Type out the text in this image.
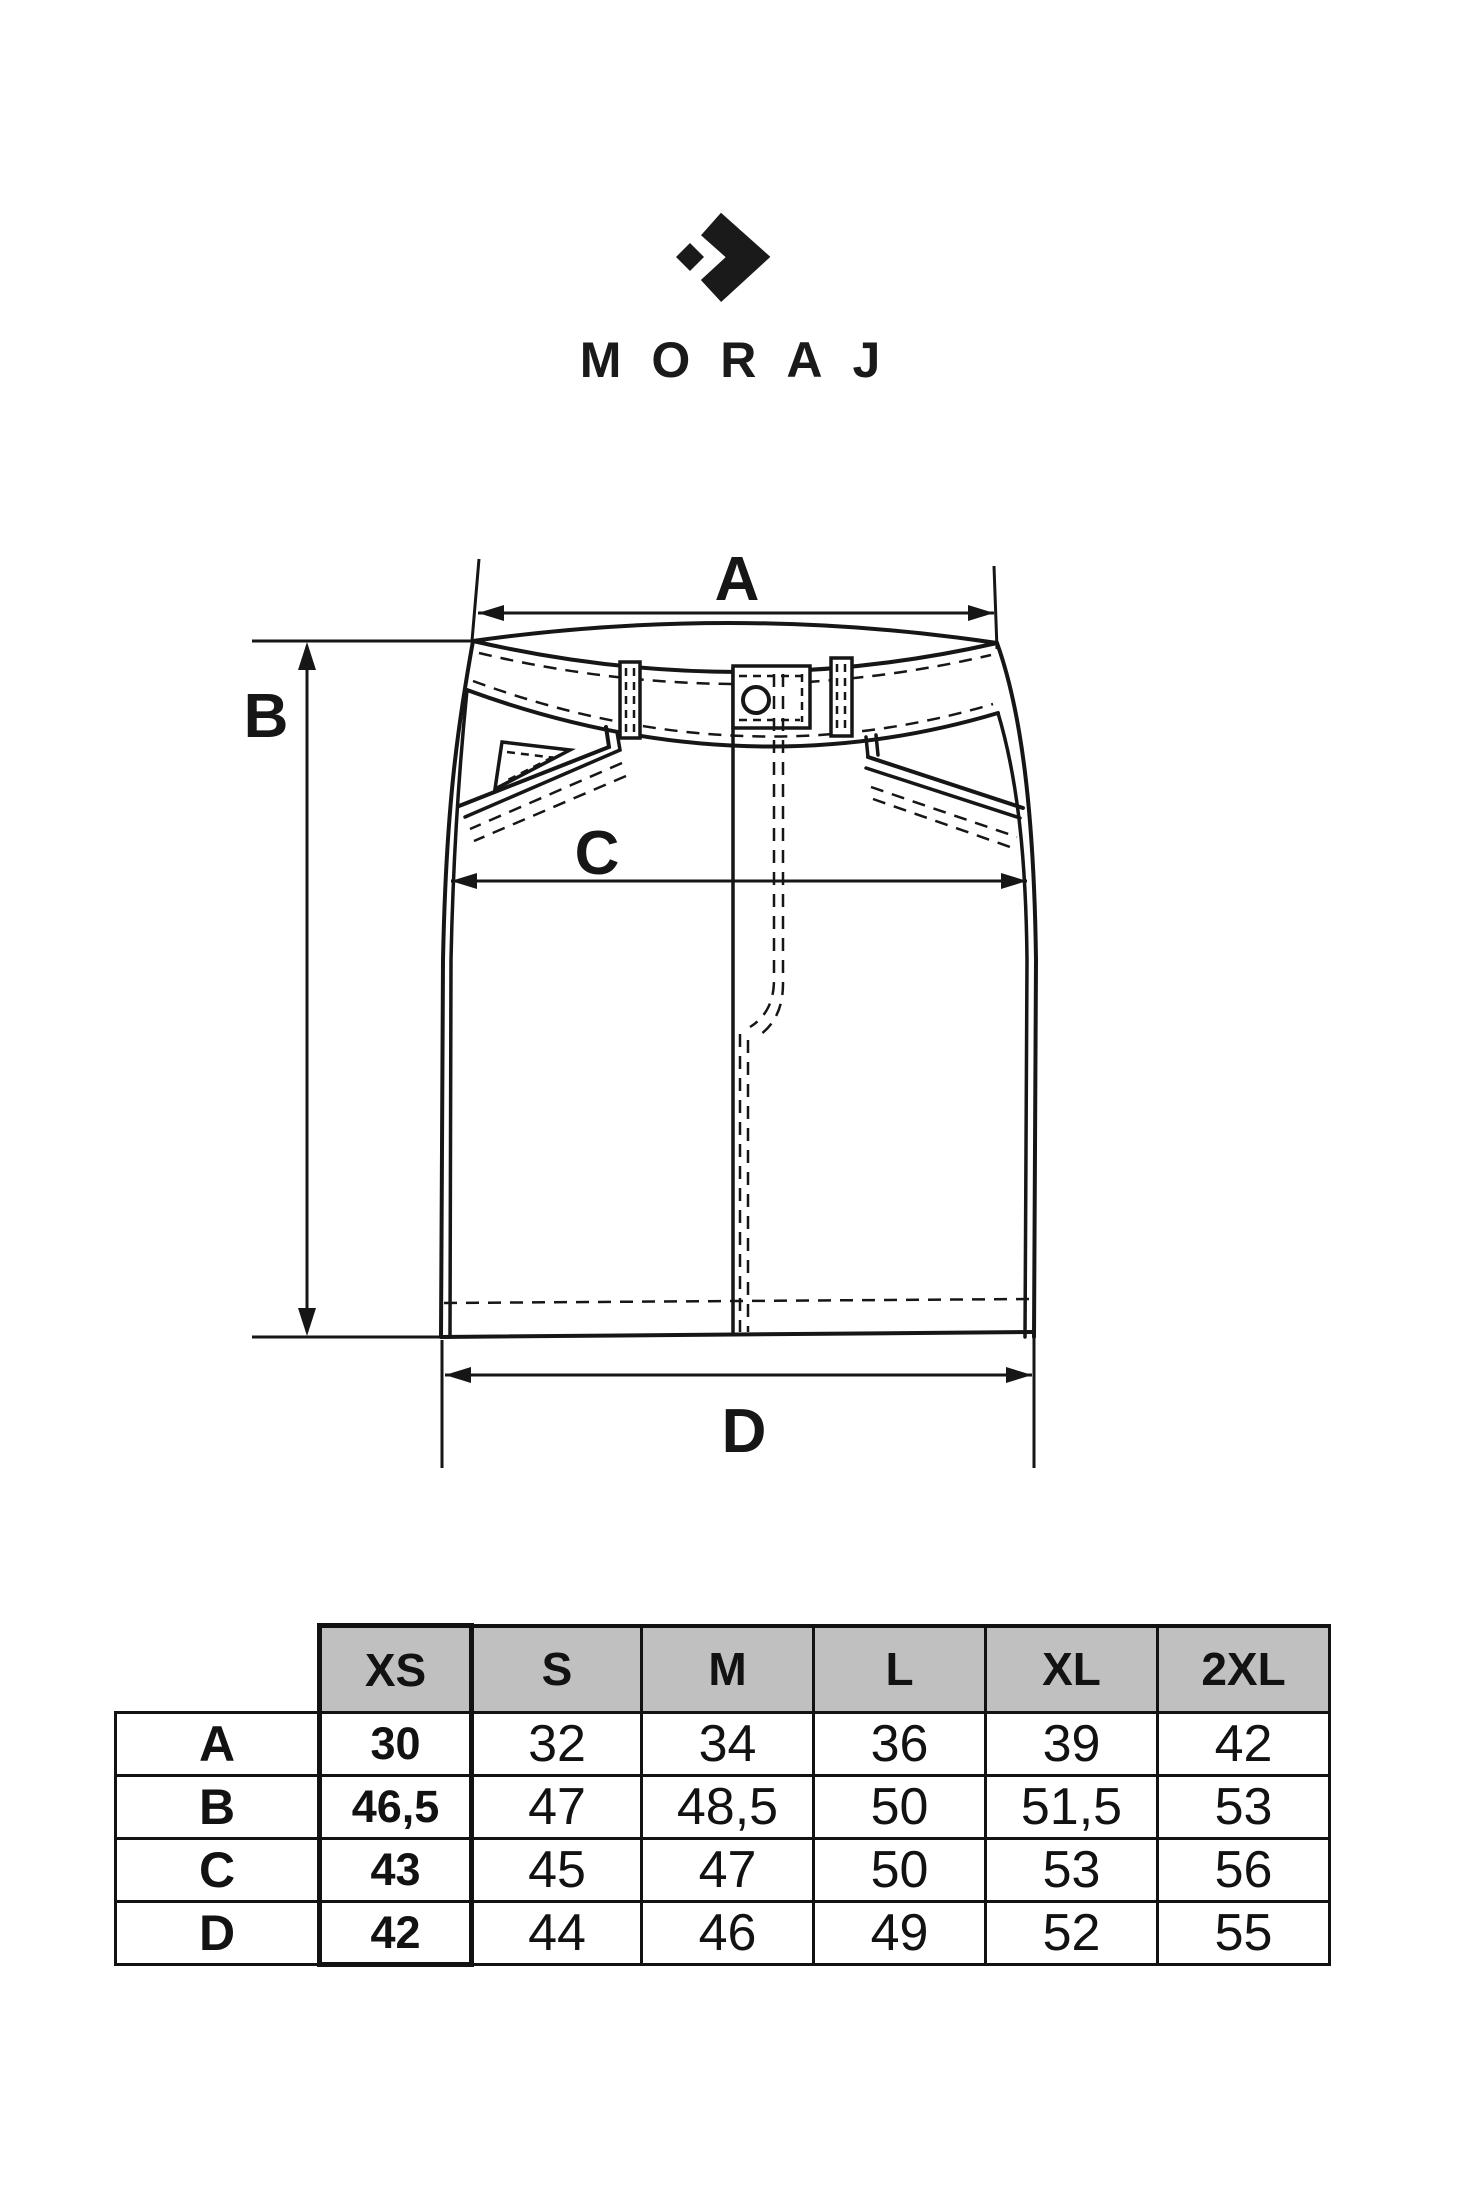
MORAJ
A
B
C
D
	XS	S	M	L	XL	2XL
A	30	32	34	36	39	42
B	46,5	47	48,5	50	51,5	53
C	43	45	47	50	53	56
D	42	44	46	49	52	55
